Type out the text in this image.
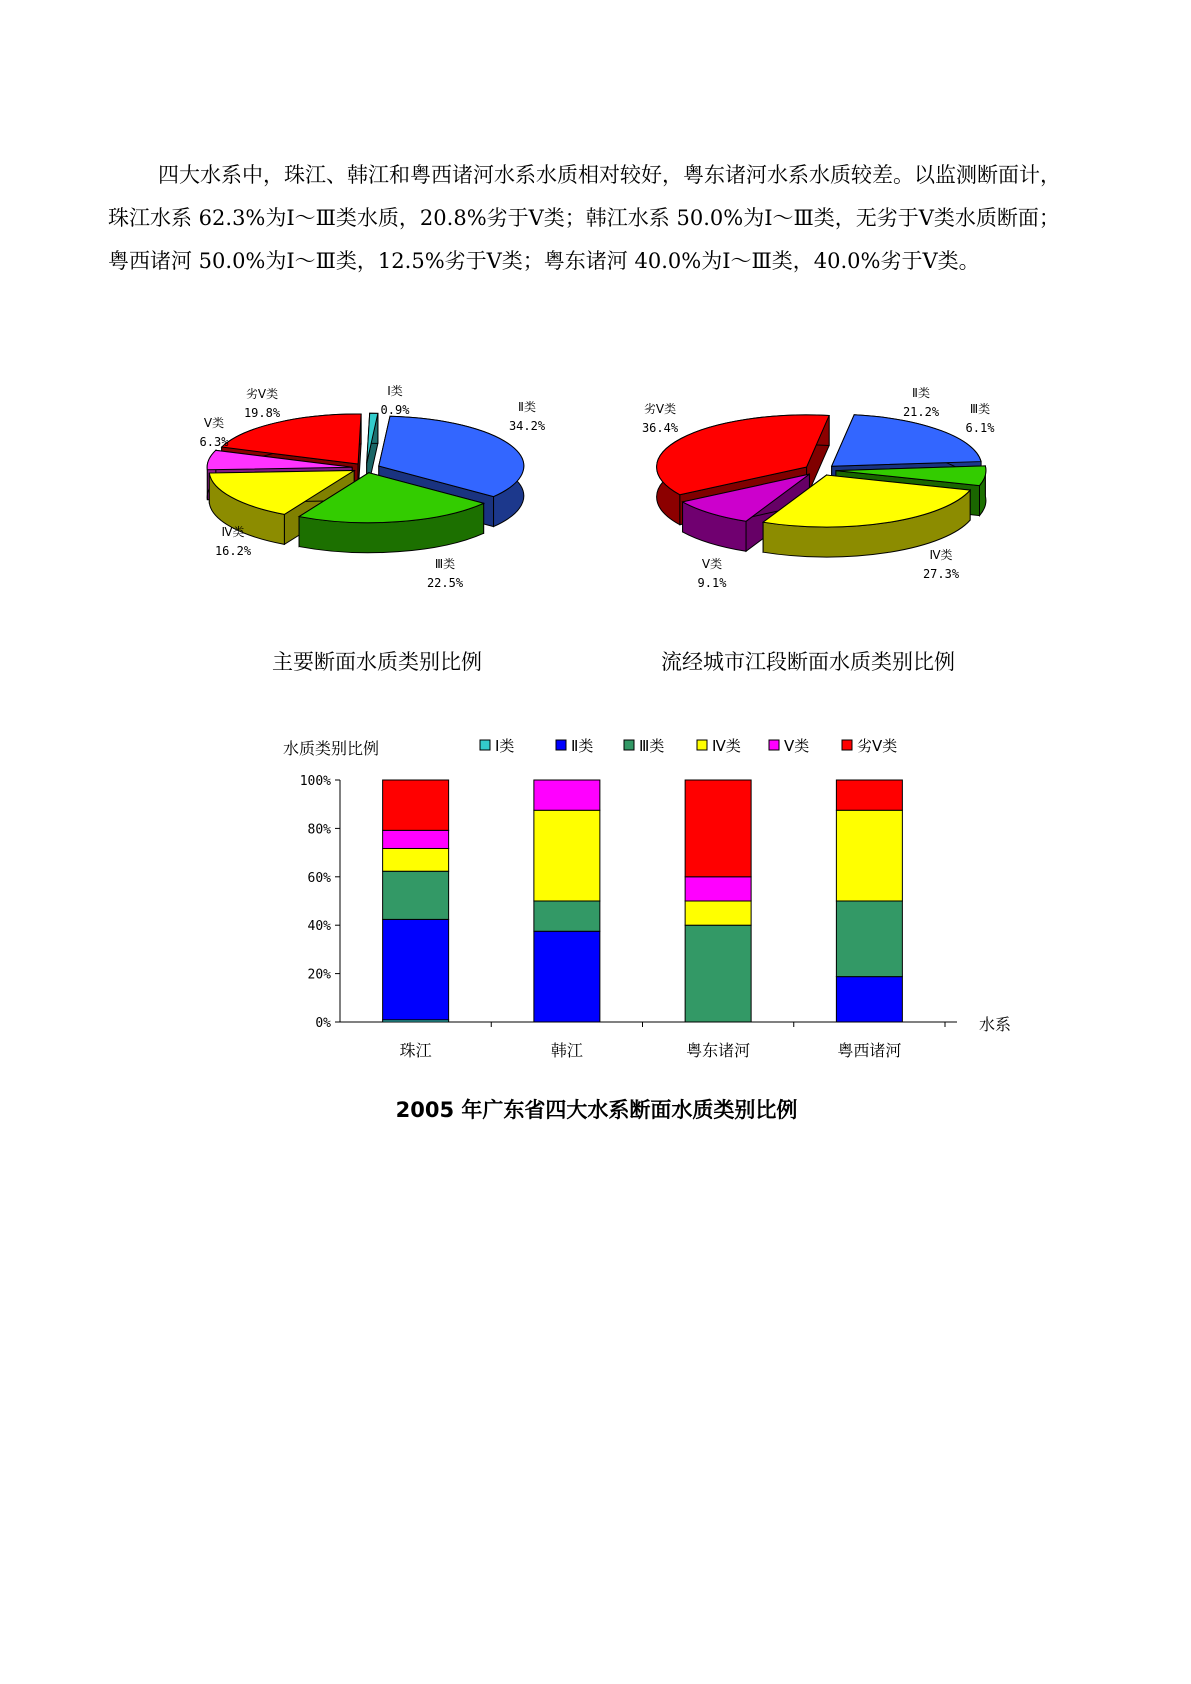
四大水系中，珠江、韩江和粤西诸河水系水质相对较好，粤东诸河水系水质较差。以监测断面计，珠江水系 62.3%为Ⅰ～Ⅲ类水质，20.8%劣于Ⅴ类；韩江水系 50.0%为Ⅰ～Ⅲ类，无劣于Ⅴ类水质断面；粤西诸河 50.0%为Ⅰ～Ⅲ类，12.5%劣于Ⅴ类；粤东诸河 40.0%为Ⅰ～Ⅲ类，40.0%劣于Ⅴ类。

Ⅰ类
0.9%	Ⅱ类
34.2%
Ⅲ类
22.5%
Ⅳ类
16.2%
Ⅴ类
6.3%
劣Ⅴ类
19.8%
Ⅱ类
21.2%	Ⅲ类
6.1%
Ⅳ类
27.3%
Ⅴ类
9.1%
劣Ⅴ类
36.4%
0%
20%
40%
60%
80%
100%
珠江	韩江	粤东诸河	粤西诸河
水质类别比例
水系
Ⅰ类	Ⅱ类	Ⅲ类	Ⅳ类	Ⅴ类	劣Ⅴ类
主要断面水质类别比例	流经城市江段断面水质类别比例
2005 年广东省四大水系断面水质类别比例
